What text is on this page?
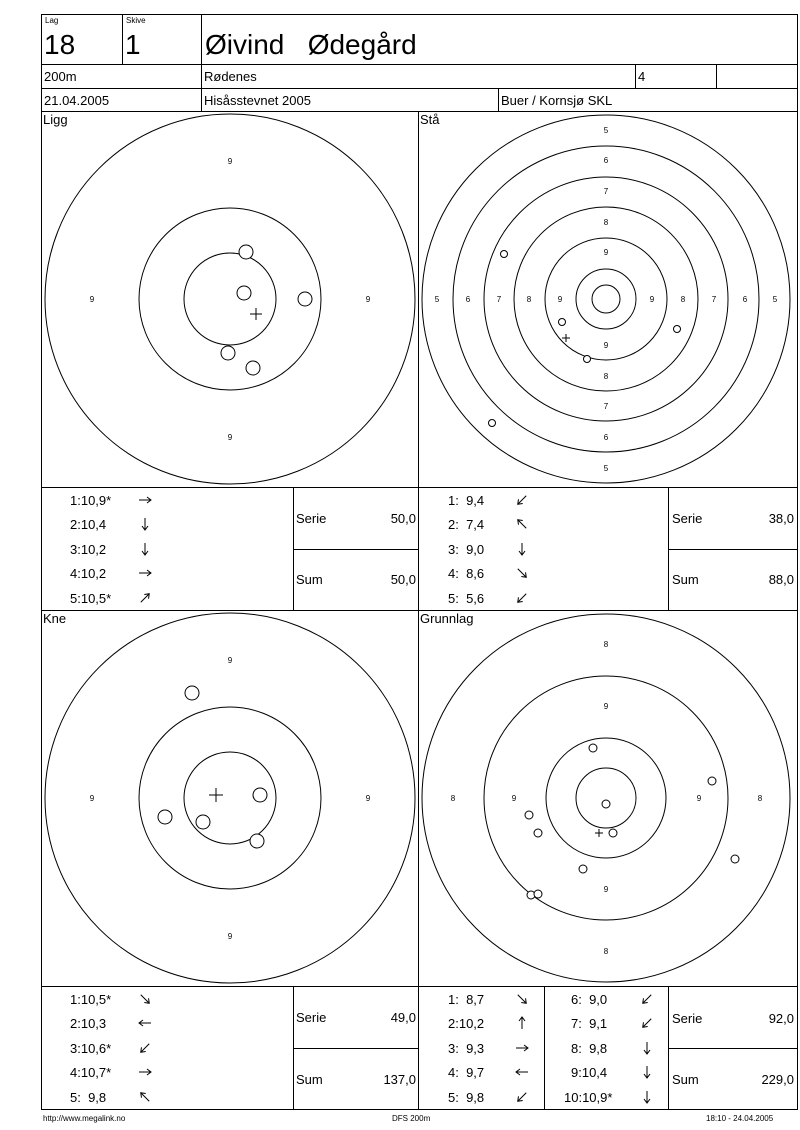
Lag
18
Skive
1 Øivind   Ødegård
200m	Rødenes	4
21.04.2005	Hisåsstevnet 2005	Buer / Kornsjø SKL
Ligg	Stå
Kne	Grunnlag
9
9	9
9
5
6
7
8
9
9
8
7
6
5
5	6	7	8	9	9	8	7	6	5
9
9	9
9
8
9
9	9
9
8	8
8
1:10,9*
2:10,4
3:10,2
4:10,2
5:10,5*
Serie	50,0
Sum	50,0
1:  9,4
2:  7,4
3:  9,0
4:  8,6
5:  5,6
Serie	38,0
Sum	88,0
1:10,5*
2:10,3
3:10,6*
4:10,7*
5:  9,8
Serie	49,0
Sum	137,0
1:  8,7
2:10,2
3:  9,3
4:  9,7
5:  9,8
6:  9,0
7:  9,1
8:  9,8
9:10,4
10:10,9*
Serie	92,0
Sum	229,0
http://www.megalink.no	DFS 200m	18:10 - 24.04.2005
